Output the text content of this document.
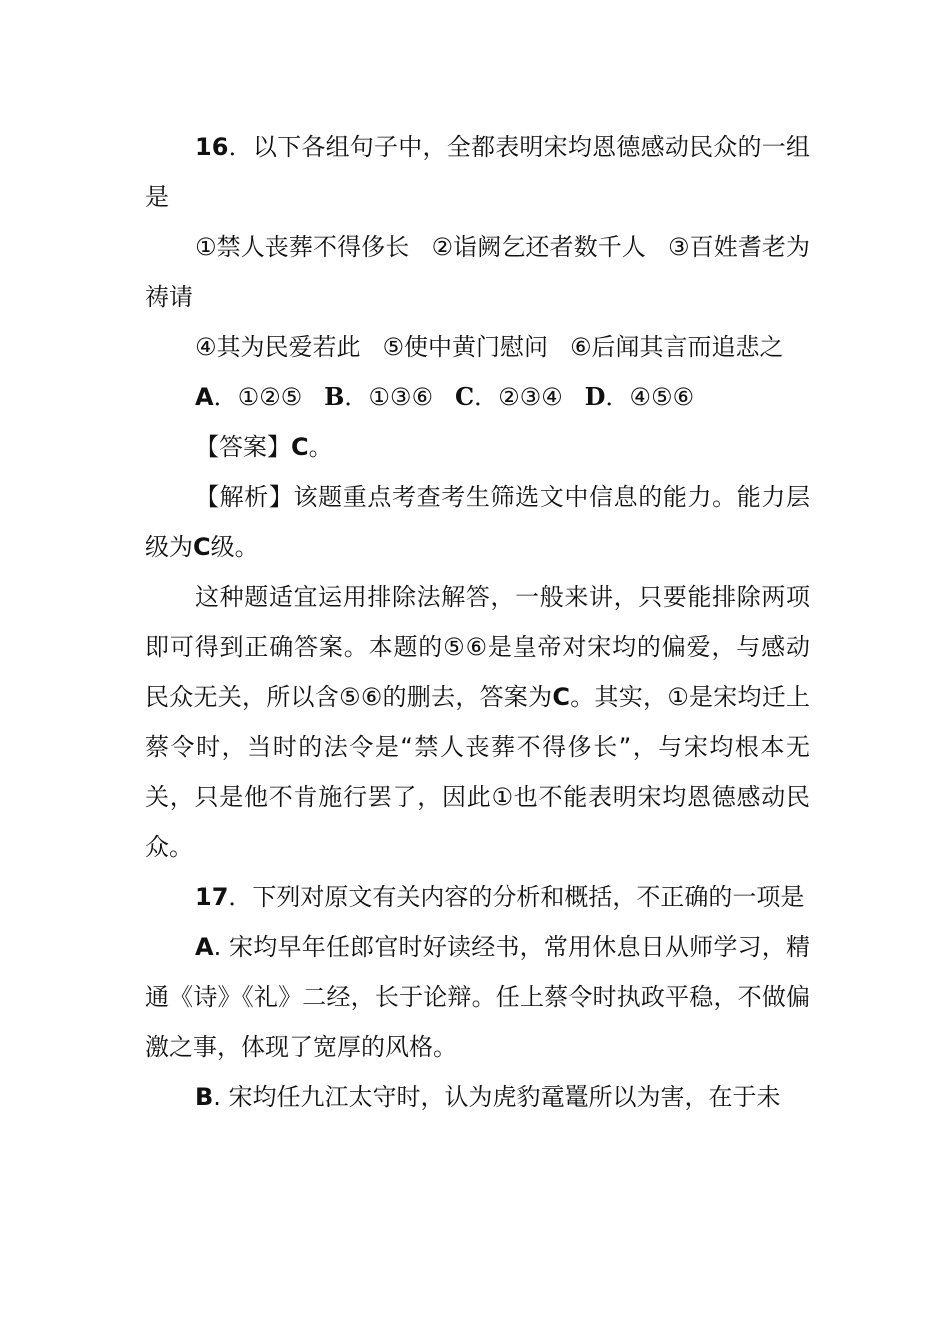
16．以下各组句子中，全都表明宋均恩德感动民众的一组是

①禁人丧葬不得侈长 ②诣阙乞还者数千人 ③百姓耆老为祷请

④其为民爱若此 ⑤使中黄门慰问 ⑥后闻其言而追悲之

A．①②⑤ B．①③⑥ C．②③④ D．④⑤⑥

【答案】C。

【解析】该题重点考查考生筛选文中信息的能力。能力层级为C级。

这种题适宜运用排除法解答，一般来讲，只要能排除两项即可得到正确答案。本题的⑤⑥是皇帝对宋均的偏爱，与感动民众无关，所以含⑤⑥的删去，答案为C。其实，①是宋均迁上蔡令时，当时的法令是“禁人丧葬不得侈长”，与宋均根本无关，只是他不肯施行罢了，因此①也不能表明宋均恩德感动民众。

17．下列对原文有关内容的分析和概括，不正确的一项是

A. 宋均早年任郎官时好读经书，常用休息日从师学习，精通《诗》《礼》二经，长于论辩。任上蔡令时执政平稳，不做偏激之事，体现了宽厚的风格。

B. 宋均任九江太守时，认为虎豹鼋鼍所以为害，在于未
